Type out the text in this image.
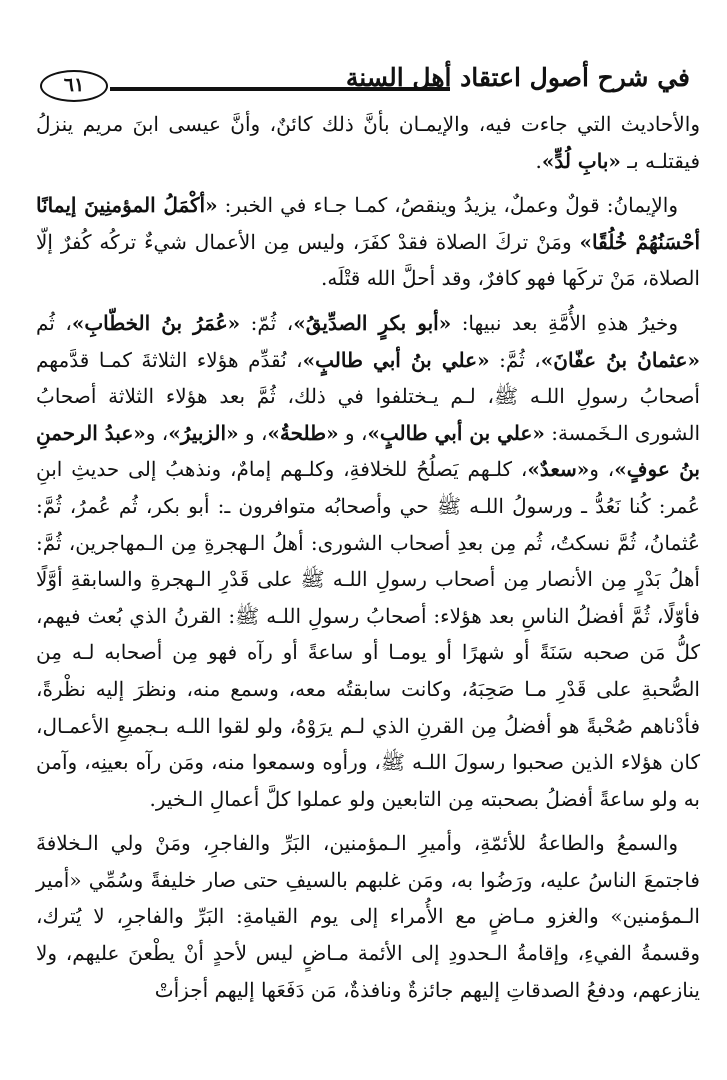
٦١	في شرح أصول اعتقاد أهل السنة

والأحاديث التي جاءت فيه، والإيمـان بأنَّ ذلك كائنٌ، وأنَّ عيسى ابنَ مريم ينزلُ فيقتلـه بـ «بابِ لُدٍّ».

والإيمانُ: قولٌ وعملٌ، يزيدُ وينقصُ، كمـا جـاء في الخبر: «أكْمَلُ المؤمنِينَ إيمانًا أحْسَنُهُمْ خُلُقًا» ومَنْ تركَ الصلاة فقدْ كفَرَ، وليس مِن الأعمال شيءٌ تركُه كُفرٌ إلّا الصلاة، مَنْ تركَها فهو كافرٌ، وقد أحلَّ الله قتْلَه.

وخيرُ هذهِ الأُمَّةِ بعد نبيها: «أبو بكرٍ الصدِّيقُ»، ثُمّ: «عُمَرُ بنُ الخطّابِ»، ثُم «عثمانُ بنُ عفّانَ»، ثُمَّ: «علي بنُ أبي طالبٍ»، نُقدِّم هؤلاء الثلاثةَ كمـا قدَّمهم أصحابُ رسولِ اللـه ﷺ، لـم يـختلفوا في ذلك، ثُمَّ بعد هؤلاء الثلاثة أصحابُ الشورى الـخَمسة: «علي بن أبي طالبٍ»، و «طلحةُ»، و «الزبيرُ»، و«عبدُ الرحمنِ بنُ عوفٍ»، و«سعدٌ»، كلـهم يَصلُحُ للخلافةِ، وكلـهم إمامٌ، ونذهبُ إلى حديثِ ابنِ عُمر: كُنا نَعُدُّ ـ ورسولُ اللـه ﷺ حي وأصحابُه متوافرون ـ: أبو بكر، ثُم عُمرُ، ثُمَّ: عُثمانُ، ثُمَّ نسكتُ، ثُم مِن بعدِ أصحاب الشورى: أهلُ الـهجرةِ مِن الـمهاجرين، ثُمَّ: أهلُ بَدْرٍ مِن الأنصار مِن أصحاب رسولِ اللـه ﷺ على قَدْرِ الـهجرةِ والسابقةِ أوَّلًا فأوّلًا، ثُمَّ أفضلُ الناسِ بعد هؤلاء: أصحابُ رسولِ اللـه ﷺ: القرنُ الذي بُعث فيهم، كلُّ مَن صحبه سَنَةً أو شهرًا أو يومـا أو ساعةً أو رآه فهو مِن أصحابه لـه مِن الصُّحبةِ على قَدْرِ مـا صَحِبَهُ، وكانت سابقتُه معه، وسمع منه، ونظرَ إليه نظْرةً، فأدْناهم صُحْبةً هو أفضلُ مِن القرنِ الذي لـم يرَوْهُ، ولو لقوا اللـه بـجميعِ الأعمـال، كان هؤلاء الذين صحبوا رسولَ اللـه ﷺ، ورأوه وسمعوا منه، ومَن رآه بعينِه، وآمن به ولو ساعةً أفضلُ بصحبته مِن التابعين ولو عملوا كلَّ أعمالِ الـخير.

والسمعُ والطاعةُ للأئمّةِ، وأميرِ الـمؤمنين، البَرِّ والفاجرِ، ومَنْ ولي الـخلافةَ فاجتمعَ الناسُ عليه، ورَضُوا به، ومَن غلبهم بالسيفِ حتى صار خليفةً وسُمِّي «أمير الـمؤمنين» والغزو مـاضٍ مع الأُمراء إلى يوم القيامةِ: البَرِّ والفاجرِ، لا يُترك، وقسمةُ الفيءِ، وإقامةُ الـحدودِ إلى الأئمة مـاضٍ ليس لأحدٍ أنْ يطْعنَ عليهم، ولا ينازعهم، ودفعُ الصدقاتِ إليهم جائزةٌ ونافذةٌ، مَن دَفَعَها إليهم أجزأتْ
